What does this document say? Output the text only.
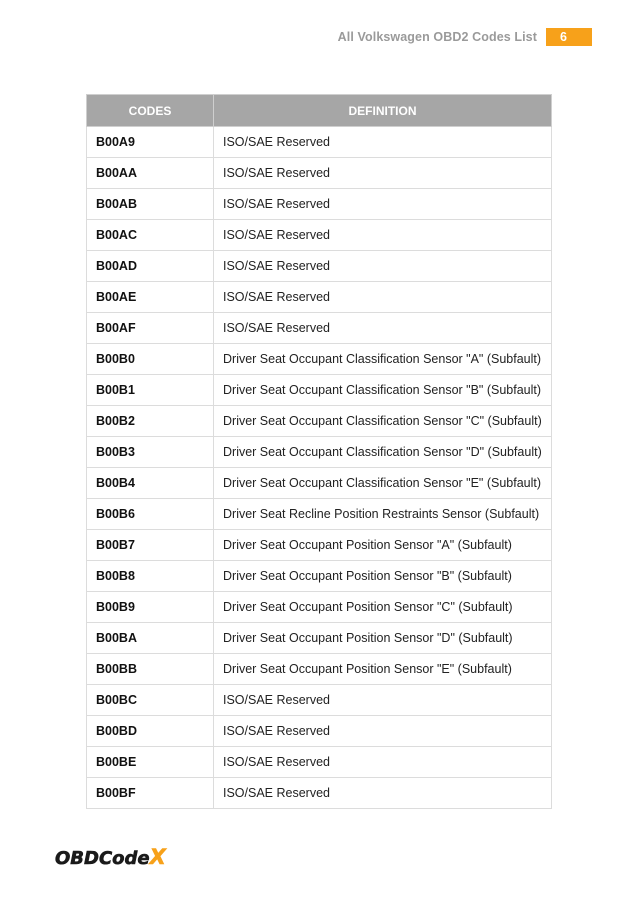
All Volkswagen OBD2 Codes List	6
CODES	DEFINITION
B00A9	ISO/SAE Reserved
B00AA	ISO/SAE Reserved
B00AB	ISO/SAE Reserved
B00AC	ISO/SAE Reserved
B00AD	ISO/SAE Reserved
B00AE	ISO/SAE Reserved
B00AF	ISO/SAE Reserved
B00B0	Driver Seat Occupant Classification Sensor "A" (Subfault)
B00B1	Driver Seat Occupant Classification Sensor "B" (Subfault)
B00B2	Driver Seat Occupant Classification Sensor "C" (Subfault)
B00B3	Driver Seat Occupant Classification Sensor "D" (Subfault)
B00B4	Driver Seat Occupant Classification Sensor "E" (Subfault)
B00B6	Driver Seat Recline Position Restraints Sensor (Subfault)
B00B7	Driver Seat Occupant Position Sensor "A" (Subfault)
B00B8	Driver Seat Occupant Position Sensor "B" (Subfault)
B00B9	Driver Seat Occupant Position Sensor "C" (Subfault)
B00BA	Driver Seat Occupant Position Sensor "D" (Subfault)
B00BB	Driver Seat Occupant Position Sensor "E" (Subfault)
B00BC	ISO/SAE Reserved
B00BD	ISO/SAE Reserved
B00BE	ISO/SAE Reserved
B00BF	ISO/SAE Reserved
OBDCodeX
